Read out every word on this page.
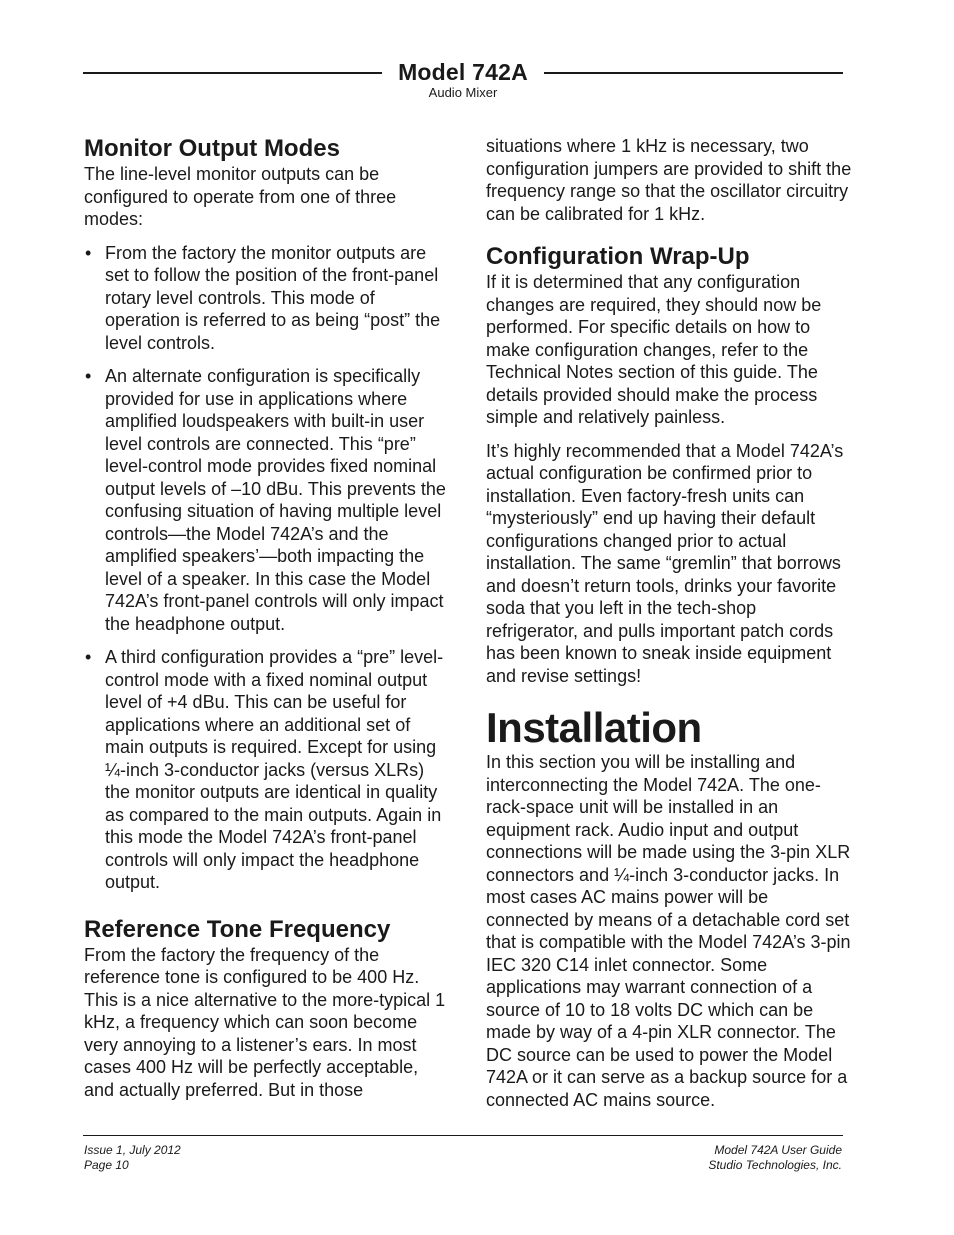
Model 742A
Audio Mixer
Monitor Output Modes

The line-level monitor outputs can be configured to operate from one of three modes:

• From the factory the monitor outputs are set to follow the position of the front-panel rotary level controls. This mode of operation is referred to as being “post” the level controls.
• An alternate configuration is specifically provided for use in applications where amplified loudspeakers with built-in user level controls are connected. This “pre” level-control mode provides fixed nominal output levels of –10 dBu. This prevents the confusing situation of having multiple level controls—the Model 742A’s and the amplified speakers’—both impacting the level of a speaker. In this case the Model 742A’s front-panel controls will only impact the headphone output.
• A third configuration provides a “pre” level-control mode with a fixed nominal output level of +4 dBu. This can be useful for applications where an additional set of main outputs is required. Except for using ¼-inch 3-conductor jacks (versus XLRs) the monitor outputs are identical in quality as compared to the main outputs. Again in this mode the Model 742A’s front-panel controls will only impact the headphone output.
Reference Tone Frequency

From the factory the frequency of the reference tone is configured to be 400 Hz. This is a nice alternative to the more-typical 1 kHz, a frequency which can soon become very annoying to a listener’s ears. In most cases 400 Hz will be perfectly acceptable, and actually preferred. But in those

situations where 1 kHz is necessary, two configuration jumpers are provided to shift the frequency range so that the oscillator circuitry can be calibrated for 1 kHz.

Configuration Wrap-Up

If it is determined that any configuration changes are required, they should now be performed. For specific details on how to make configuration changes, refer to the Technical Notes section of this guide. The details provided should make the process simple and relatively painless.

It’s highly recommended that a Model 742A’s actual configuration be confirmed prior to installation. Even factory-fresh units can “mysteriously” end up having their default configurations changed prior to actual installation. The same “gremlin” that borrows and doesn’t return tools, drinks your favorite soda that you left in the tech-shop refrigerator, and pulls important patch cords has been known to sneak inside equipment and revise settings!

Installation

In this section you will be installing and interconnecting the Model 742A. The one-rack-space unit will be installed in an equipment rack. Audio input and output connections will be made using the 3-pin XLR connectors and ¼-inch 3-conductor jacks. In most cases AC mains power will be connected by means of a detachable cord set that is compatible with the Model 742A’s 3-pin IEC 320 C14 inlet connector. Some applications may warrant connection of a source of 10 to 18 volts DC which can be made by way of a 4-pin XLR connector. The DC source can be used to power the Model 742A or it can serve as a backup source for a connected AC mains source.

Issue 1, July 2012
Page 10
Model 742A User Guide
Studio Technologies, Inc.
